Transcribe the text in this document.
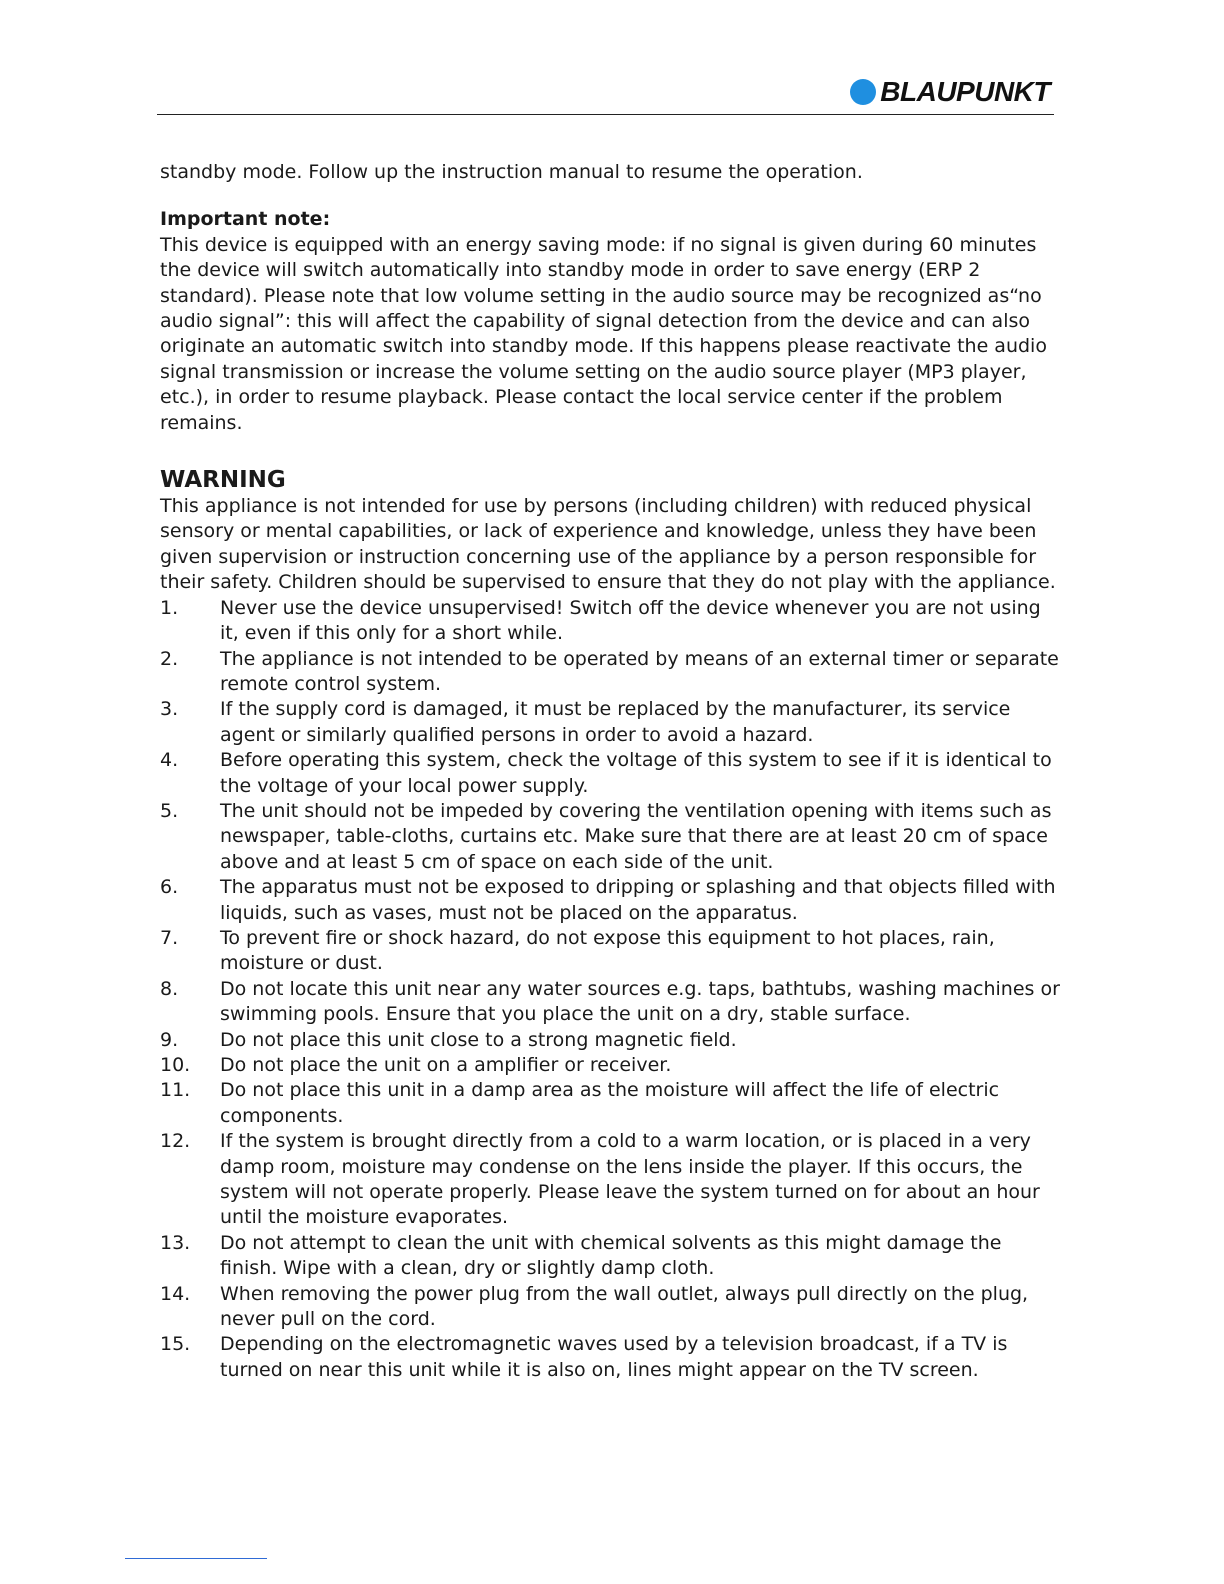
BLAUPUNKT

standby mode. Follow up the instruction manual to resume the operation.

Important note:

This device is equipped with an energy saving mode: if no signal is given during 60 minutes the device will switch automatically into standby mode in order to save energy (ERP 2 standard). Please note that low volume setting in the audio source may be recognized as“no audio signal”: this will affect the capability of signal detection from the device and can also originate an automatic switch into standby mode. If this happens please reactivate the audio signal transmission or increase the volume setting on the audio source player (MP3 player, etc.), in order to resume playback. Please contact the local service center if the problem remains.

WARNING

This appliance is not intended for use by persons (including children) with reduced physical sensory or mental capabilities, or lack of experience and knowledge, unless they have been given supervision or instruction concerning use of the appliance by a person responsible for their safety. Children should be supervised to ensure that they do not play with the appliance.

1.	Never use the device unsupervised! Switch off the device whenever you are not using it, even if this only for a short while.
2.	The appliance is not intended to be operated by means of an external timer or separate remote control system.
3.	If the supply cord is damaged, it must be replaced by the manufacturer, its service agent or similarly qualified persons in order to avoid a hazard.
4.	Before operating this system, check the voltage of this system to see if it is identical to the voltage of your local power supply.
5.	The unit should not be impeded by covering the ventilation opening with items such as newspaper, table-cloths, curtains etc. Make sure that there are at least 20 cm of space above and at least 5 cm of space on each side of the unit.
6.	The apparatus must not be exposed to dripping or splashing and that objects filled with liquids, such as vases, must not be placed on the apparatus.
7.	To prevent fire or shock hazard, do not expose this equipment to hot places, rain, moisture or dust.
8.	Do not locate this unit near any water sources e.g. taps, bathtubs, washing machines or swimming pools. Ensure that you place the unit on a dry, stable surface.
9.	Do not place this unit close to a strong magnetic field.
10.	Do not place the unit on a amplifier or receiver.
11.	Do not place this unit in a damp area as the moisture will affect the life of electric components.
12.	If the system is brought directly from a cold to a warm location, or is placed in a very damp room, moisture may condense on the lens inside the player. If this occurs, the system will not operate properly. Please leave the system turned on for about an hour until the moisture evaporates.
13.	Do not attempt to clean the unit with chemical solvents as this might damage the finish. Wipe with a clean, dry or slightly damp cloth.
14.	When removing the power plug from the wall outlet, always pull directly on the plug, never pull on the cord.
15.	Depending on the electromagnetic waves used by a television broadcast, if a TV is turned on near this unit while it is also on, lines might appear on the TV screen.
